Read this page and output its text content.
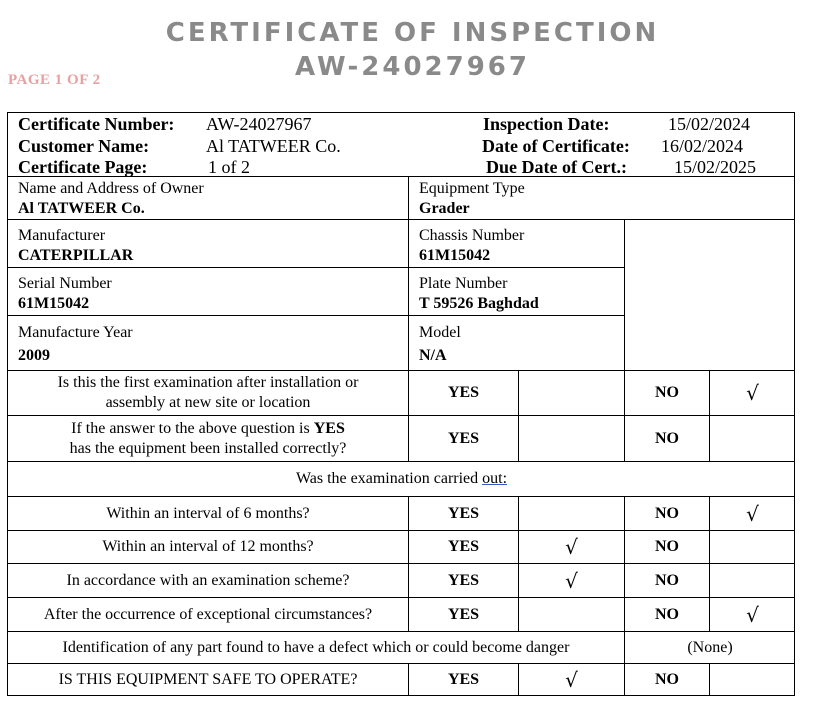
CERTIFICATE OF INSPECTION
AW-24027967
PAGE 1 OF 2
Certificate Number: AW-24027967
Customer Name:	Al TATWEER Co.
Certificate Page:	1 of 2
Inspection Date:	15/02/2024
Date of Certificate: 16/02/2024
Due Date of Cert.:	15/02/2025
Name and Address of Owner
Al TATWEER Co.
Equipment Type
Grader
Manufacturer
CATERPILLAR
Chassis Number
61M15042
Serial Number
61M15042
Plate Number
T 59526 Baghdad
Manufacture Year
2009
Model
N/A
Is this the first examination after installation or
assembly at new site or location
YES	NO	√
If the answer to the above question is YES
has the equipment been installed correctly?
YES	NO
Was the examination carried out:
Within an interval of 6 months?	YES	NO	√
Within an interval of 12 months?	YES	√	NO
In accordance with an examination scheme?	YES	√	NO
After the occurrence of exceptional circumstances?	YES	NO	√
Identification of any part found to have a defect which or could become danger	(None)
IS THIS EQUIPMENT SAFE TO OPERATE?	YES	√	NO
